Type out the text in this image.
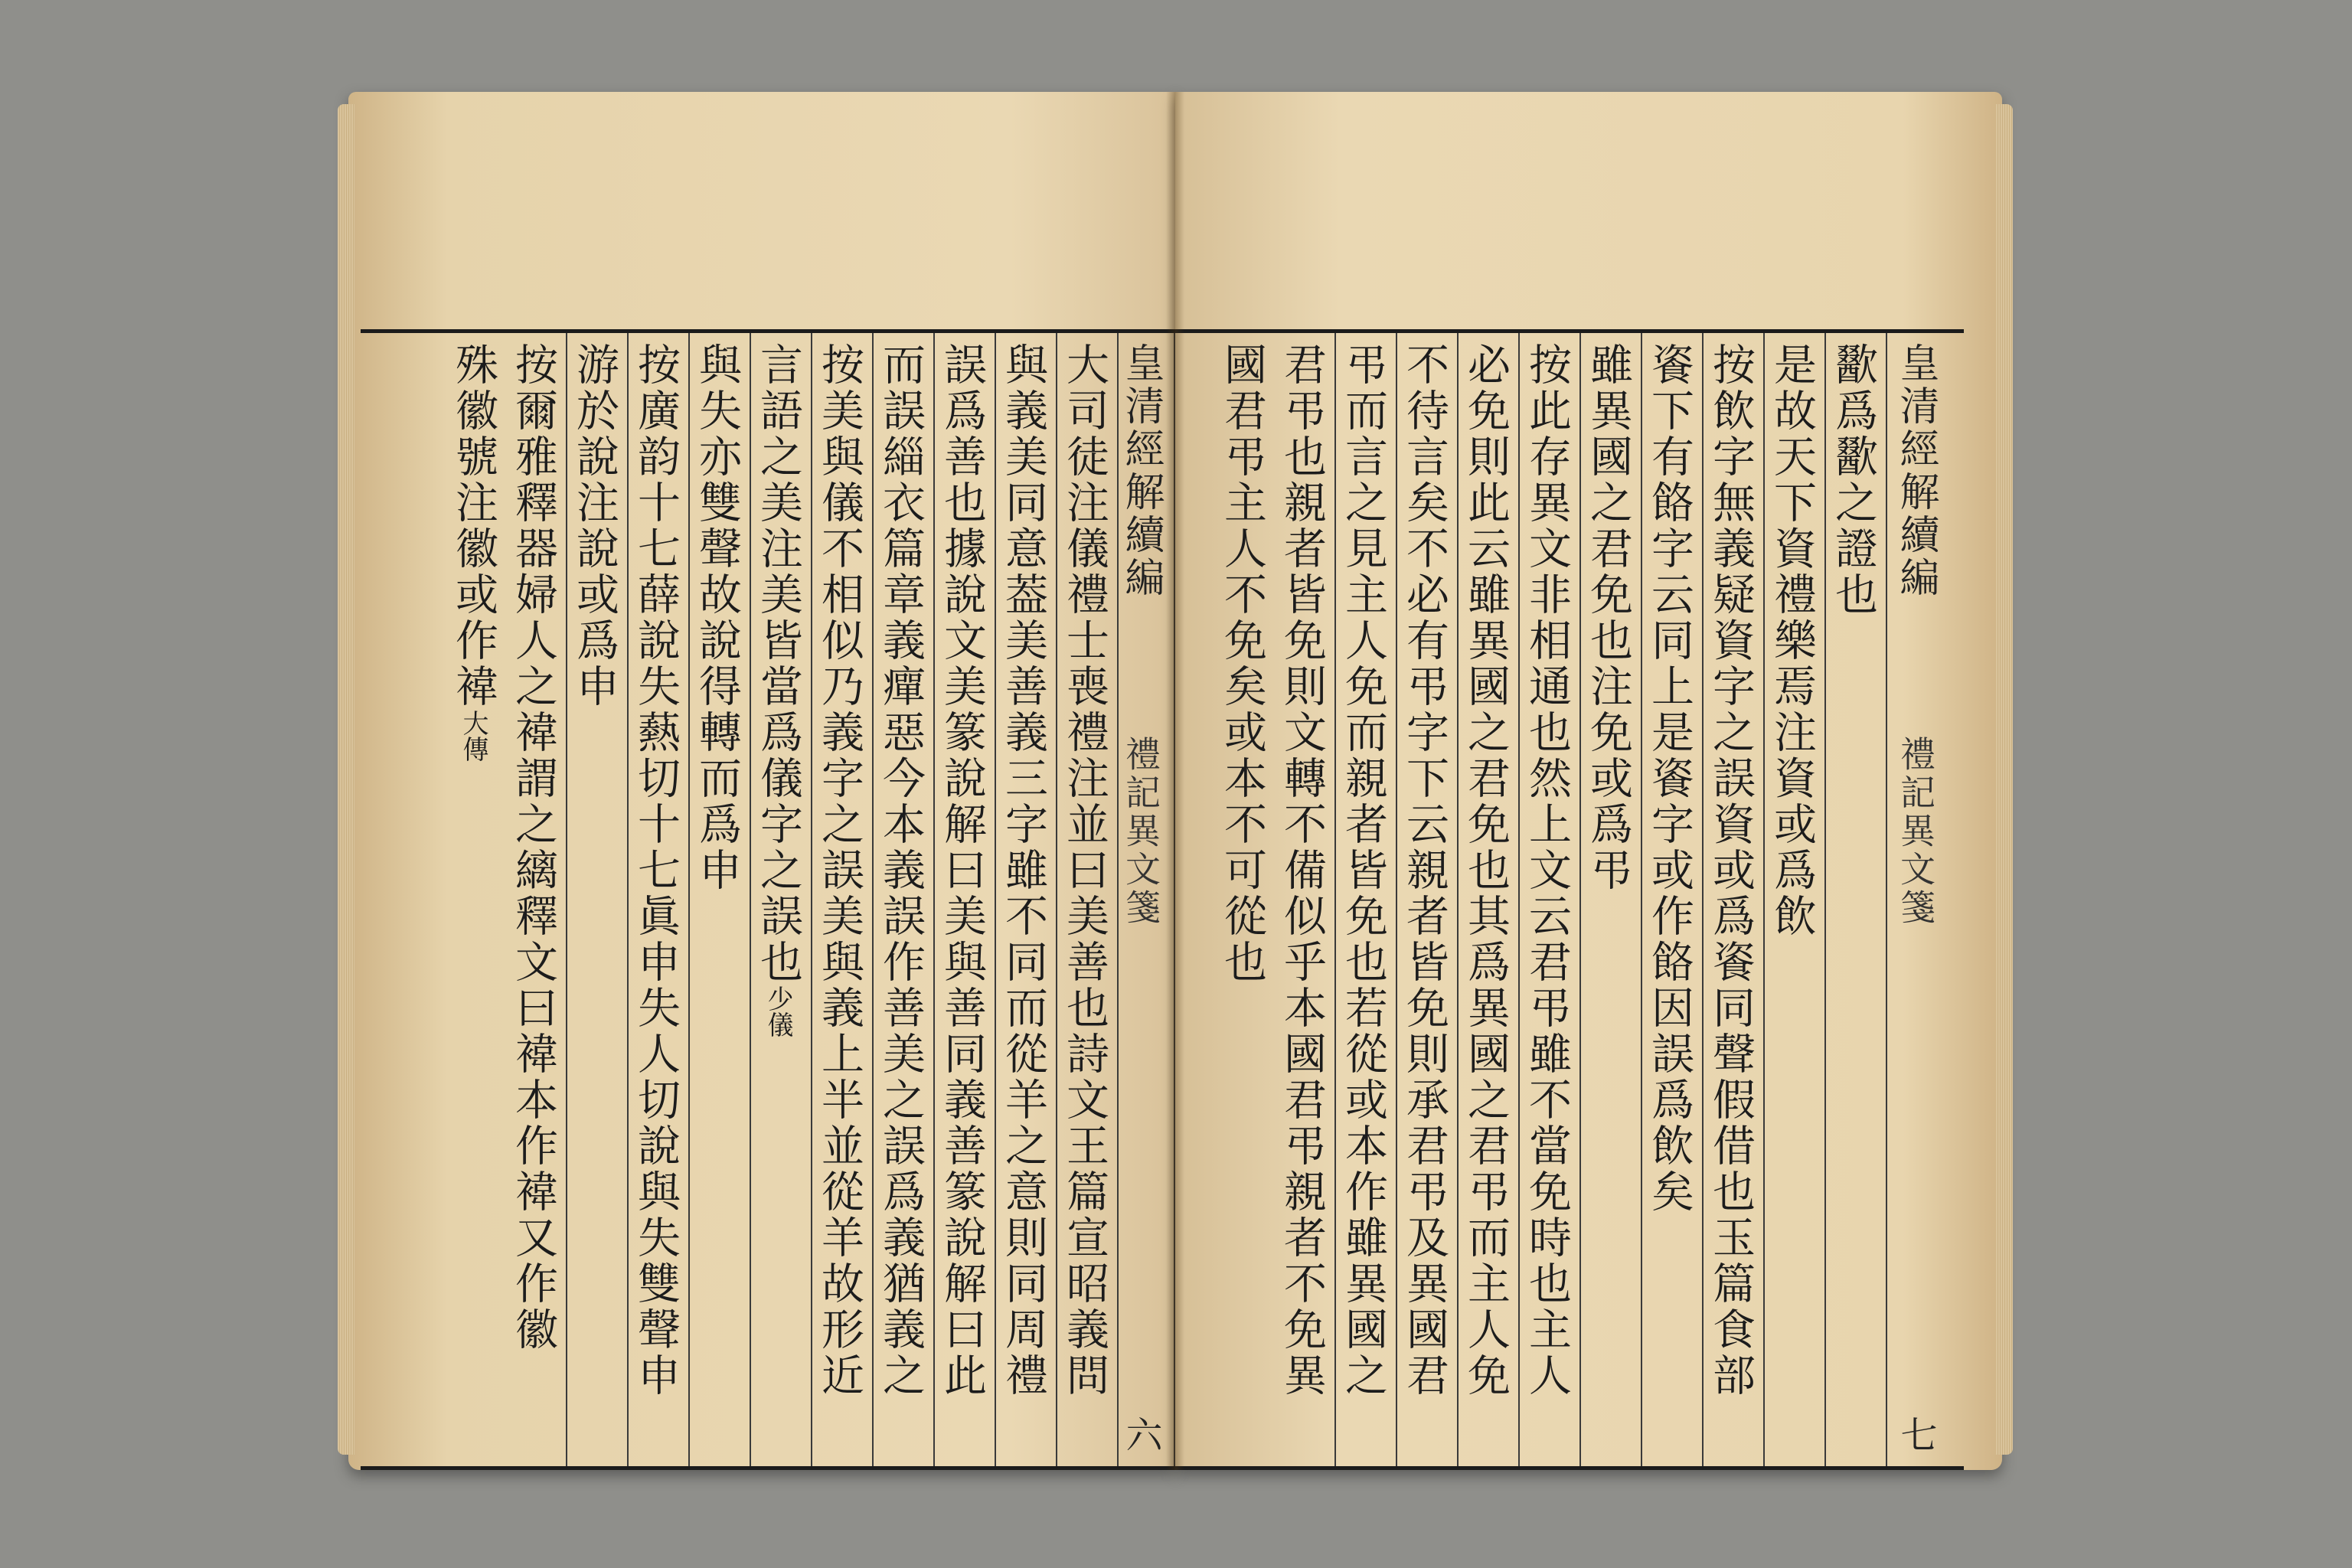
皇清經解續編  禮記異文箋  六
大司徒注儀禮士喪禮注並曰美善也詩文王篇宣昭義問
與義美同意葢美善義三字雖不同而從羊之意則同周禮
誤爲善也據說文美篆說解曰美與善同義善篆說解曰此
而誤緇衣篇章義癉惡今本義誤作善美之誤爲義猶義之
按美與儀不相似乃義字之誤美與義上半並從羊故形近
言語之美注美皆當爲儀字之誤也少儀
與失亦雙聲故說得轉而爲申
按廣韵十七薛說失爇切十七眞申失人切說與失雙聲申
游於說注說或爲申
按爾雅釋器婦人之褘謂之縭釋文曰褘本作褘又作徽
殊徽號注徽或作褘大傳
皇清經解續編  禮記異文箋  七
歠爲歠之證也
是故天下資禮樂焉注資或爲飲
按飲字無義疑資字之誤資或爲餈同聲假借也玉篇食部
餈下有餎字云同上是餈字或作餎因誤爲飲矣
雖異國之君免也注免或爲弔
按此存異文非相通也然上文云君弔雖不當免時也主人
必免則此云雖異國之君免也其爲異國之君弔而主人免
不待言矣不必有弔字下云親者皆免則承君弔及異國君
弔而言之見主人免而親者皆免也若從或本作雖異國之
君弔也親者皆免則文轉不備似乎本國君弔親者不免異
國君弔主人不免矣或本不可從也
